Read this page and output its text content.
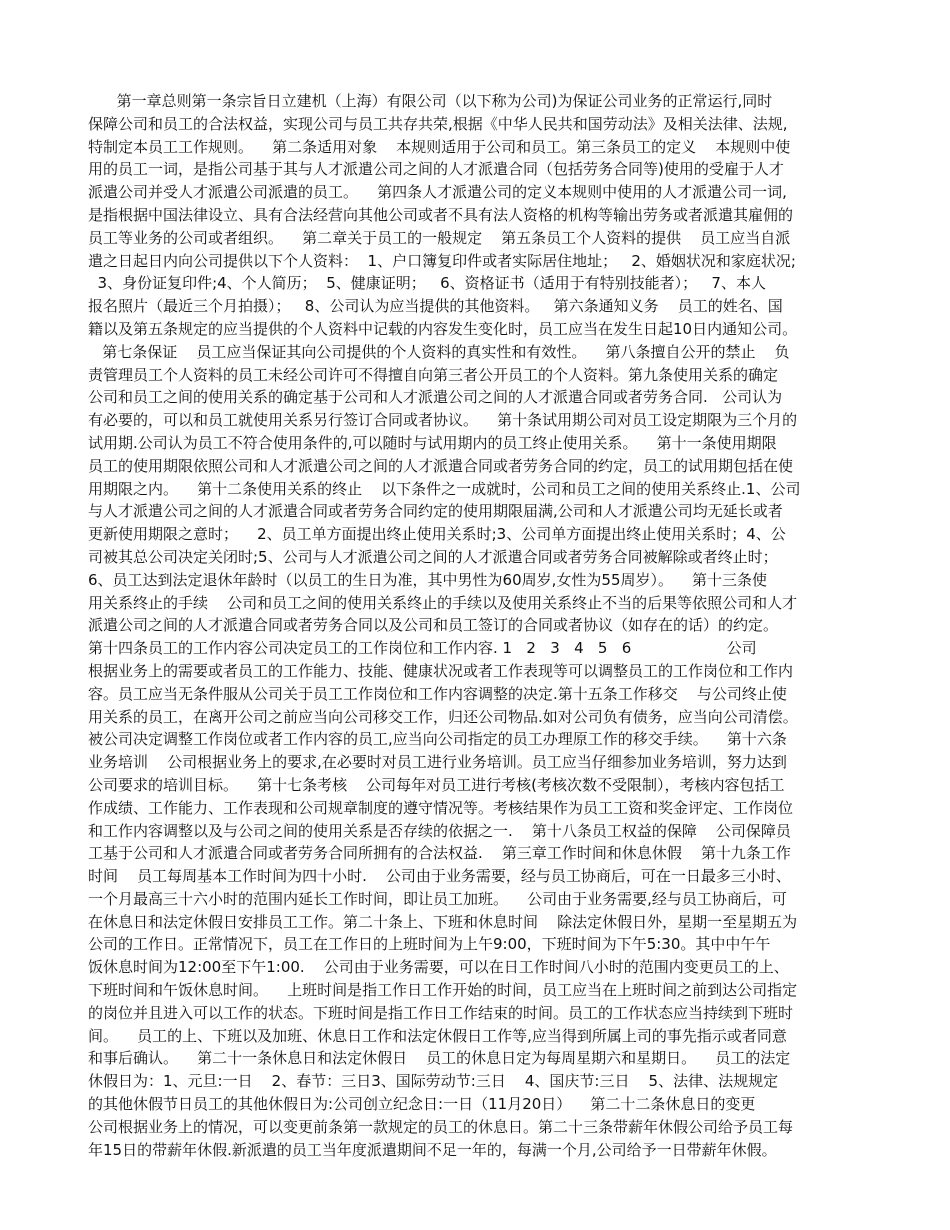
第一章总则第一条宗旨日立建机（上海）有限公司（以下称为公司)为保证公司业务的正常运行,同时
保障公司和员工的合法权益，实现公司与员工共存共荣,根据《中华人民共和国劳动法》及相关法律、法规,
特制定本员工工作规则。    第二条适用对象    本规则适用于公司和员工。第三条员工的定义    本规则中使
用的员工一词，是指公司基于其与人才派遣公司之间的人才派遣合同（包括劳务合同等)使用的受雇于人才
派遣公司并受人才派遣公司派遣的员工。    第四条人才派遣公司的定义本规则中使用的人才派遣公司一词,
是指根据中国法律设立、具有合法经营向其他公司或者不具有法人资格的机构等输出劳务或者派遣其雇佣的
员工等业务的公司或者组织。    第二章关于员工的一般规定    第五条员工个人资料的提供    员工应当自派
遣之日起日内向公司提供以下个人资料：  1、户口簿复印件或者实际居住地址；   2、婚姻状况和家庭状况;
3、身份证复印件;4、个人简历；  5、健康证明；   6、资格证书（适用于有特别技能者）；   7、本人
报名照片（最近三个月拍摄）；   8、公司认为应当提供的其他资料。   第六条通知义务    员工的姓名、国
籍以及第五条规定的应当提供的个人资料中记载的内容发生变化时，员工应当在发生日起10日内通知公司。
第七条保证    员工应当保证其向公司提供的个人资料的真实性和有效性。    第八条擅自公开的禁止    负
责管理员工个人资料的员工未经公司许可不得擅自向第三者公开员工的个人资料。第九条使用关系的确定
公司和员工之间的使用关系的确定基于公司和人才派遣公司之间的人才派遣合同或者劳务合同.   公司认为
有必要的，可以和员工就使用关系另行签订合同或者协议。    第十条试用期公司对员工设定期限为三个月的
试用期.公司认为员工不符合使用条件的,可以随时与试用期内的员工终止使用关系。    第十一条使用期限
员工的使用期限依照公司和人才派遣公司之间的人才派遣合同或者劳务合同的约定，员工的试用期包括在使
用期限之内。    第十二条使用关系的终止    以下条件之一成就时，公司和员工之间的使用关系终止.1、公司
与人才派遣公司之间的人才派遣合同或者劳务合同约定的使用期限届满,公司和人才派遣公司均无延长或者
更新使用期限之意时；    2、员工单方面提出终止使用关系时;3、公司单方面提出终止使用关系时；4、公
司被其总公司决定关闭时;5、公司与人才派遣公司之间的人才派遣合同或者劳务合同被解除或者终止时；
6、员工达到法定退休年龄时（以员工的生日为准，其中男性为60周岁,女性为55周岁）。    第十三条使
用关系终止的手续    公司和员工之间的使用关系终止的手续以及使用关系终止不当的后果等依照公司和人才
派遣公司之间的人才派遣合同或者劳务合同以及公司和员工签订的合同或者协议（如存在的话）的约定。
第十四条员工的工作内容公司决定员工的工作岗位和工作内容. 1   2   3   4   5   6                    公司
根据业务上的需要或者员工的工作能力、技能、健康状况或者工作表现等可以调整员工的工作岗位和工作内
容。员工应当无条件服从公司关于员工工作岗位和工作内容调整的决定.第十五条工作移交    与公司终止使
用关系的员工，在离开公司之前应当向公司移交工作，归还公司物品.如对公司负有债务，应当向公司清偿。
被公司决定调整工作岗位或者工作内容的员工,应当向公司指定的员工办理原工作的移交手续。    第十六条
业务培训    公司根据业务上的要求,在必要时对员工进行业务培训。员工应当仔细参加业务培训，努力达到
公司要求的培训目标。    第十七条考核    公司每年对员工进行考核(考核次数不受限制），考核内容包括工
作成绩、工作能力、工作表现和公司规章制度的遵守情况等。考核结果作为员工工资和奖金评定、工作岗位
和工作内容调整以及与公司之间的使用关系是否存续的依据之一.    第十八条员工权益的保障    公司保障员
工基于公司和人才派遣合同或者劳务合同所拥有的合法权益.    第三章工作时间和休息休假    第十九条工作
时间    员工每周基本工作时间为四十小时.    公司由于业务需要，经与员工协商后，可在一日最多三小时、
一个月最高三十六小时的范围内延长工作时间，即让员工加班。    公司由于业务需要,经与员工协商后，可
在休息日和法定休假日安排员工工作。第二十条上、下班和休息时间    除法定休假日外，星期一至星期五为
公司的工作日。正常情况下，员工在工作日的上班时间为上午9:00，下班时间为下午5:30。其中中午午
饭休息时间为12:00至下午1:00.    公司由于业务需要，可以在日工作时间八小时的范围内变更员工的上、
下班时间和午饭休息时间。    上班时间是指工作日工作开始的时间，员工应当在上班时间之前到达公司指定
的岗位并且进入可以工作的状态。下班时间是指工作日工作结束的时间。员工的工作状态应当持续到下班时
间。    员工的上、下班以及加班、休息日工作和法定休假日工作等,应当得到所属上司的事先指示或者同意
和事后确认。    第二十一条休息日和法定休假日    员工的休息日定为每周星期六和星期日。    员工的法定
休假日为：1、元旦:一日    2、春节：三日3、国际劳动节:三日    4、国庆节:三日    5、法律、法规规定
的其他休假节日员工的其他休假日为:公司创立纪念日:一日（11月20日）    第二十二条休息日的变更
公司根据业务上的情况，可以变更前条第一款规定的员工的休息日。第二十三条带薪年休假公司给予员工每
年15日的带薪年休假.新派遣的员工当年度派遣期间不足一年的，每满一个月,公司给予一日带薪年休假。
